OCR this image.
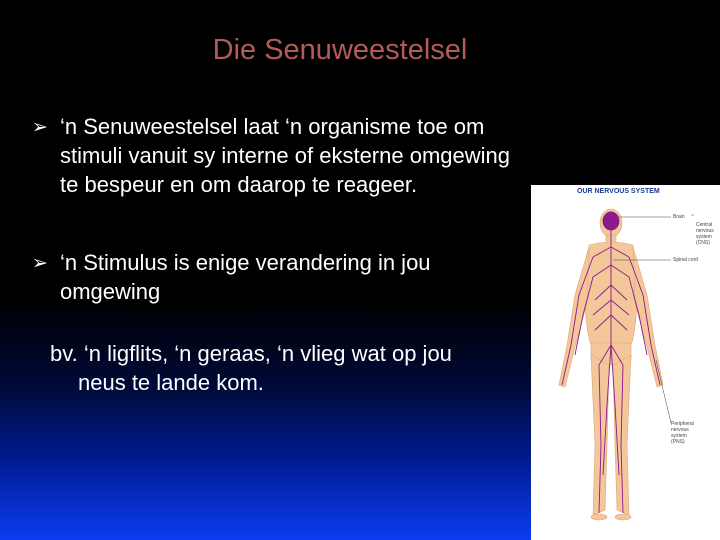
Die Senuweestelsel
➢ ‘n Senuweestelsel laat ‘n organisme toe om stimuli vanuit sy interne of eksterne omgewing te bespeur en om daarop te reageer.
➢ ‘n Stimulus is enige verandering in jou omgewing
bv. ‘n ligflits, ‘n geraas, ‘n vlieg wat op jou neus te lande kom.
OUR NERVOUS SYSTEM
Brain
Central nervous system (CNS)
Spinal cord
Peripheral nervous system (PNS)
